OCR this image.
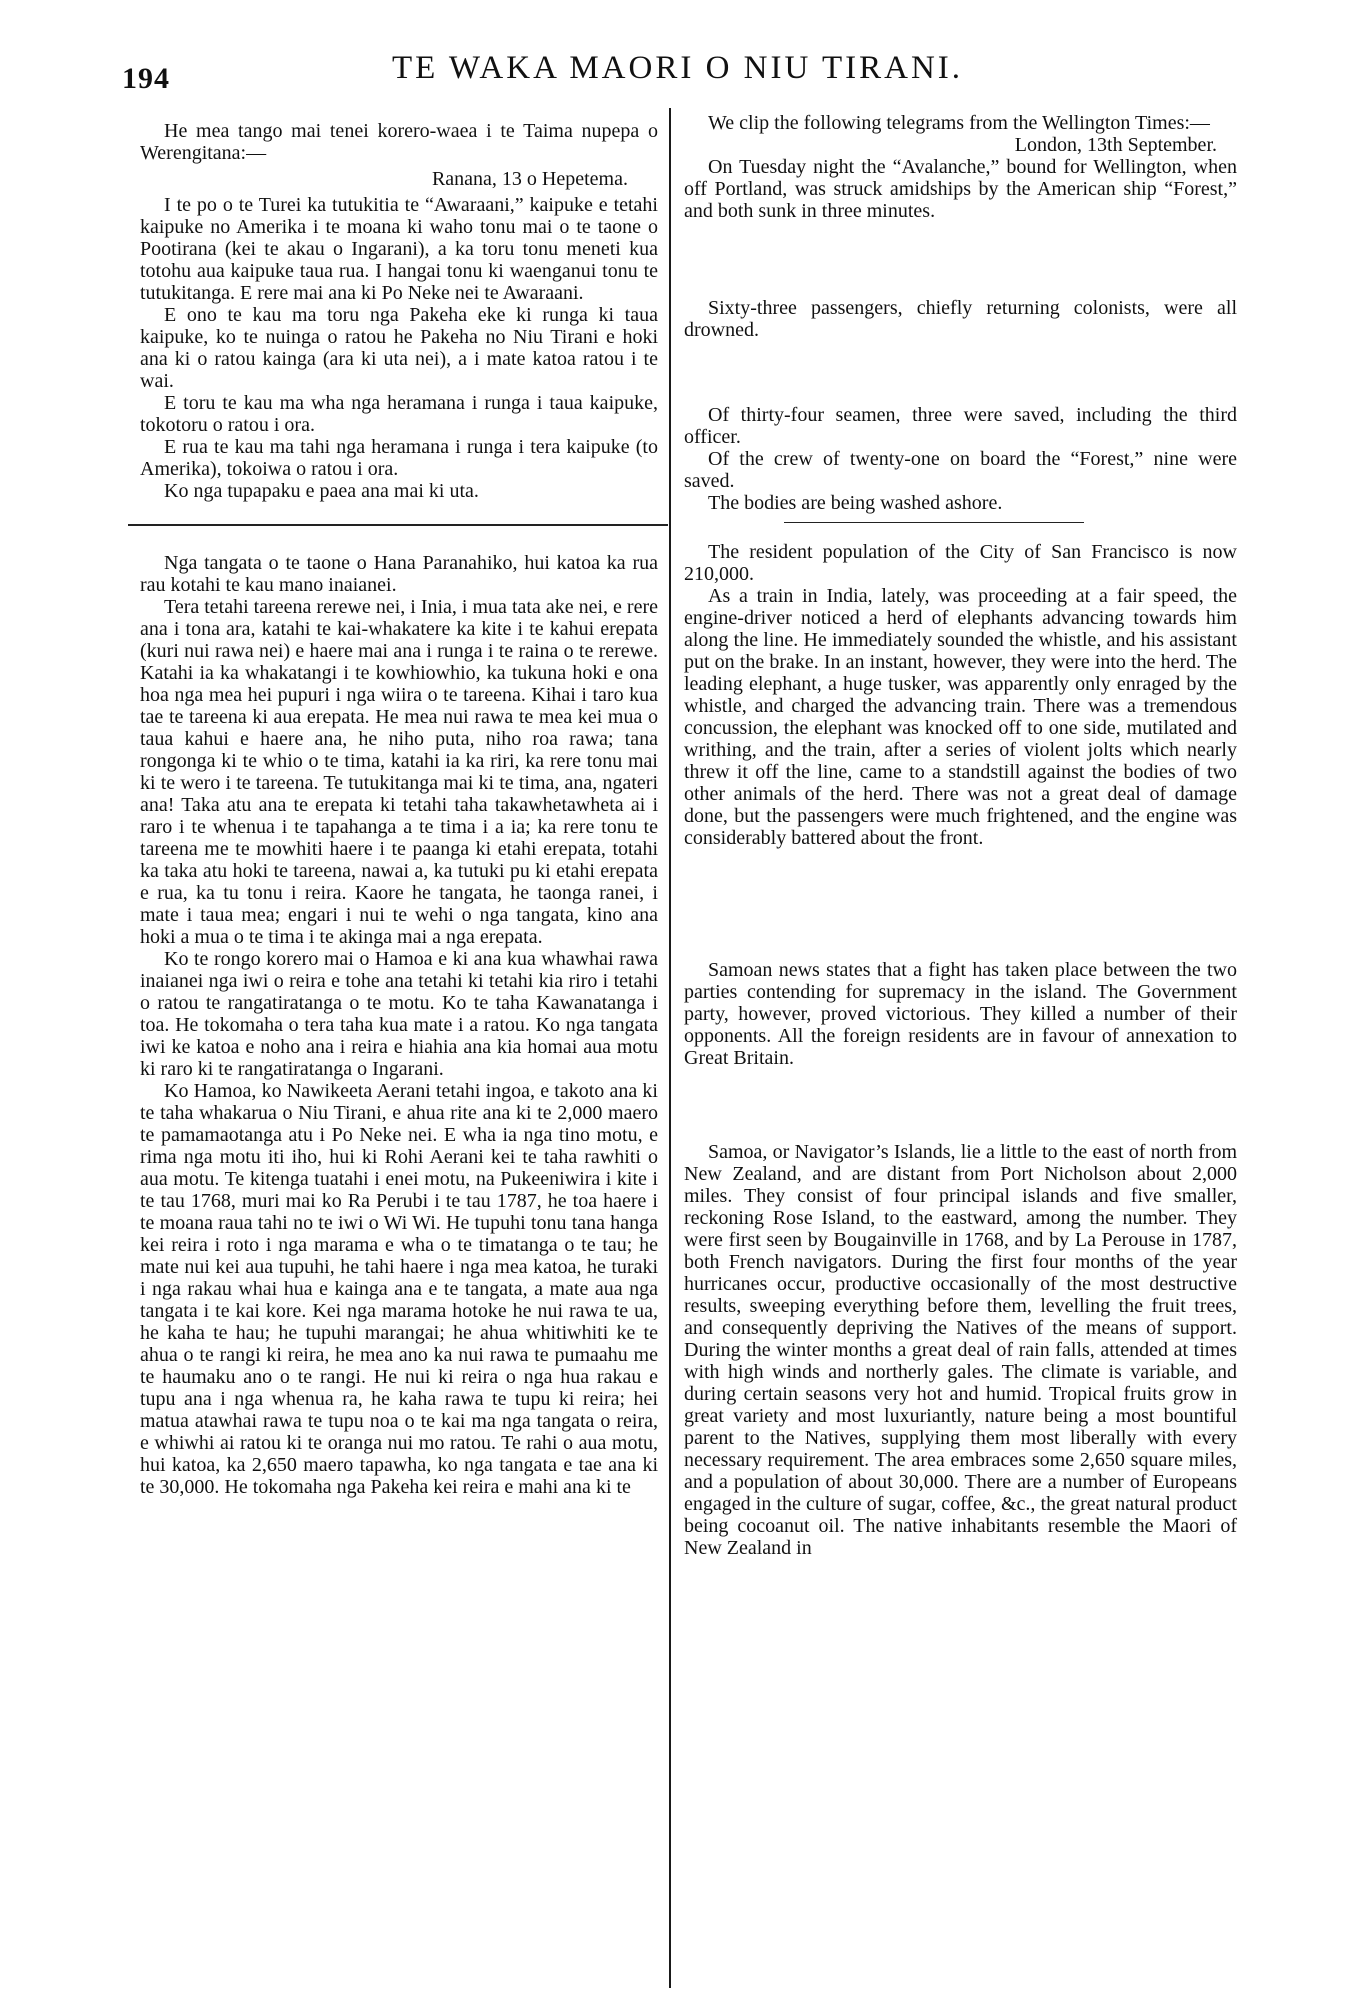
194	TE WAKA MAORI O NIU TIRANI.

He mea tango mai tenei korero-waea i te Taima nupepa o Werengitana:—

Ranana, 13 o Hepetema.

I te po o te Turei ka tutukitia te “Awaraani,” kaipuke e tetahi kaipuke no Amerika i te moana ki waho tonu mai o te taone o Pootirana (kei te akau o Ingarani), a ka toru tonu meneti kua totohu aua kaipuke taua rua. I hangai tonu ki waenganui tonu te tutukitanga. E rere mai ana ki Po Neke nei te Awaraani.

E ono te kau ma toru nga Pakeha eke ki runga ki taua kaipuke, ko te nuinga o ratou he Pakeha no Niu Tirani e hoki ana ki o ratou kainga (ara ki uta nei), a i mate katoa ratou i te wai.

E toru te kau ma wha nga heramana i runga i taua kaipuke, tokotoru o ratou i ora.

E rua te kau ma tahi nga heramana i runga i tera kaipuke (to Amerika), tokoiwa o ratou i ora.

Ko nga tupapaku e paea ana mai ki uta.

Nga tangata o te taone o Hana Paranahiko, hui katoa ka rua rau kotahi te kau mano inaianei.

Tera tetahi tareena rerewe nei, i Inia, i mua tata ake nei, e rere ana i tona ara, katahi te kai-whakatere ka kite i te kahui erepata (kuri nui rawa nei) e haere mai ana i runga i te raina o te rerewe. Katahi ia ka whakatangi i te kowhiowhio, ka tukuna hoki e ona hoa nga mea hei pupuri i nga wiira o te tareena. Kihai i taro kua tae te tareena ki aua erepata. He mea nui rawa te mea kei mua o taua kahui e haere ana, he niho puta, niho roa rawa; tana rongonga ki te whio o te tima, katahi ia ka riri, ka rere tonu mai ki te wero i te tareena. Te tutukitanga mai ki te tima, ana, ngateri ana! Taka atu ana te erepata ki tetahi taha takawhetawheta ai i raro i te whenua i te tapahanga a te tima i a ia; ka rere tonu te tareena me te mowhiti haere i te paanga ki etahi erepata, totahi ka taka atu hoki te tareena, nawai a, ka tutuki pu ki etahi erepata e rua, ka tu tonu i reira. Kaore he tangata, he taonga ranei, i mate i taua mea; engari i nui te wehi o nga tangata, kino ana hoki a mua o te tima i te akinga mai a nga erepata.

Ko te rongo korero mai o Hamoa e ki ana kua whawhai rawa inaianei nga iwi o reira e tohe ana tetahi ki tetahi kia riro i tetahi o ratou te rangatiratanga o te motu. Ko te taha Kawanatanga i toa. He tokomaha o tera taha kua mate i a ratou. Ko nga tangata iwi ke katoa e noho ana i reira e hiahia ana kia homai aua motu ki raro ki te rangatiratanga o Ingarani.

Ko Hamoa, ko Nawikeeta Aerani tetahi ingoa, e takoto ana ki te taha whakarua o Niu Tirani, e ahua rite ana ki te 2,000 maero te pamamaotanga atu i Po Neke nei. E wha ia nga tino motu, e rima nga motu iti iho, hui ki Rohi Aerani kei te taha rawhiti o aua motu. Te kitenga tuatahi i enei motu, na Pukeeniwira i kite i te tau 1768, muri mai ko Ra Perubi i te tau 1787, he toa haere i te moana raua tahi no te iwi o Wi Wi. He tupuhi tonu tana hanga kei reira i roto i nga marama e wha o te timatanga o te tau; he mate nui kei aua tupuhi, he tahi haere i nga mea katoa, he turaki i nga rakau whai hua e kainga ana e te tangata, a mate aua nga tangata i te kai kore. Kei nga marama hotoke he nui rawa te ua, he kaha te hau; he tupuhi marangai; he ahua whitiwhiti ke te ahua o te rangi ki reira, he mea ano ka nui rawa te pumaahu me te haumaku ano o te rangi. He nui ki reira o nga hua rakau e tupu ana i nga whenua ra, he kaha rawa te tupu ki reira; hei matua atawhai rawa te tupu noa o te kai ma nga tangata o reira, e whiwhi ai ratou ki te oranga nui mo ratou. Te rahi o aua motu, hui katoa, ka 2,650 maero tapawha, ko nga tangata e tae ana ki te 30,000. He tokomaha nga Pakeha kei reira e mahi ana ki te

We clip the following telegrams from the Wellington Times:—

London, 13th September.

On Tuesday night the “Avalanche,” bound for Wellington, when off Portland, was struck amidships by the American ship “Forest,” and both sunk in three minutes.

Sixty-three passengers, chiefly returning colonists, were all drowned.

Of thirty-four seamen, three were saved, including the third officer.

Of the crew of twenty-one on board the “Forest,” nine were saved.

The bodies are being washed ashore.

The resident population of the City of San Francisco is now 210,000.

As a train in India, lately, was proceeding at a fair speed, the engine-driver noticed a herd of elephants advancing towards him along the line. He immediately sounded the whistle, and his assistant put on the brake. In an instant, however, they were into the herd. The leading elephant, a huge tusker, was apparently only enraged by the whistle, and charged the advancing train. There was a tremendous concussion, the elephant was knocked off to one side, mutilated and writhing, and the train, after a series of violent jolts which nearly threw it off the line, came to a standstill against the bodies of two other animals of the herd. There was not a great deal of damage done, but the passengers were much frightened, and the engine was considerably battered about the front.

Samoan news states that a fight has taken place between the two parties contending for supremacy in the island. The Government party, however, proved victorious. They killed a number of their opponents. All the foreign residents are in favour of annexation to Great Britain.

Samoa, or Navigator’s Islands, lie a little to the east of north from New Zealand, and are distant from Port Nicholson about 2,000 miles. They consist of four principal islands and five smaller, reckoning Rose Island, to the eastward, among the number. They were first seen by Bougainville in 1768, and by La Perouse in 1787, both French navigators. During the first four months of the year hurricanes occur, productive occasionally of the most destructive results, sweeping everything before them, levelling the fruit trees, and consequently depriving the Natives of the means of support. During the winter months a great deal of rain falls, attended at times with high winds and northerly gales. The climate is variable, and during certain seasons very hot and humid. Tropical fruits grow in great variety and most luxuriantly, nature being a most bountiful parent to the Natives, supplying them most liberally with every necessary requirement. The area embraces some 2,650 square miles, and a population of about 30,000. There are a number of Europeans engaged in the culture of sugar, coffee, &c., the great natural product being cocoanut oil. The native inhabitants resemble the Maori of New Zealand in
